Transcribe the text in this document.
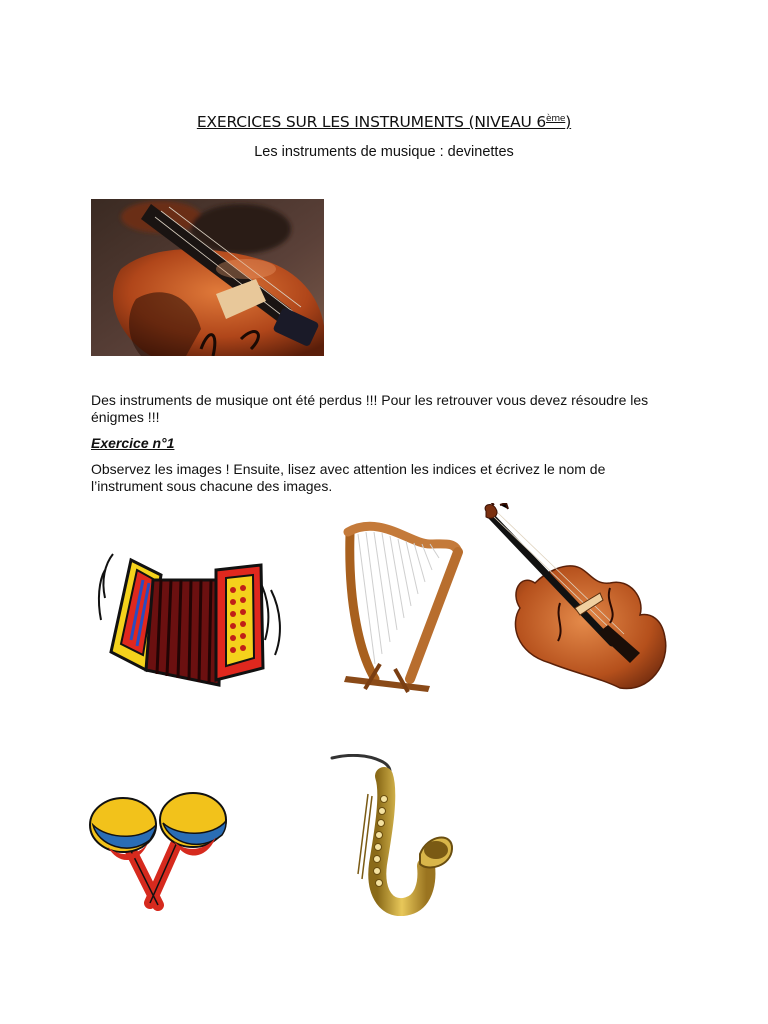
EXERCICES SUR LES INSTRUMENTS (NIVEAU 6ème)
Les instruments de musique : devinettes
Des instruments de musique ont été perdus !!! Pour les retrouver vous devez résoudre les énigmes !!!
Exercice n°1
Observez les images ! Ensuite, lisez avec attention les indices et écrivez le nom de l’instrument sous chacune des images.
